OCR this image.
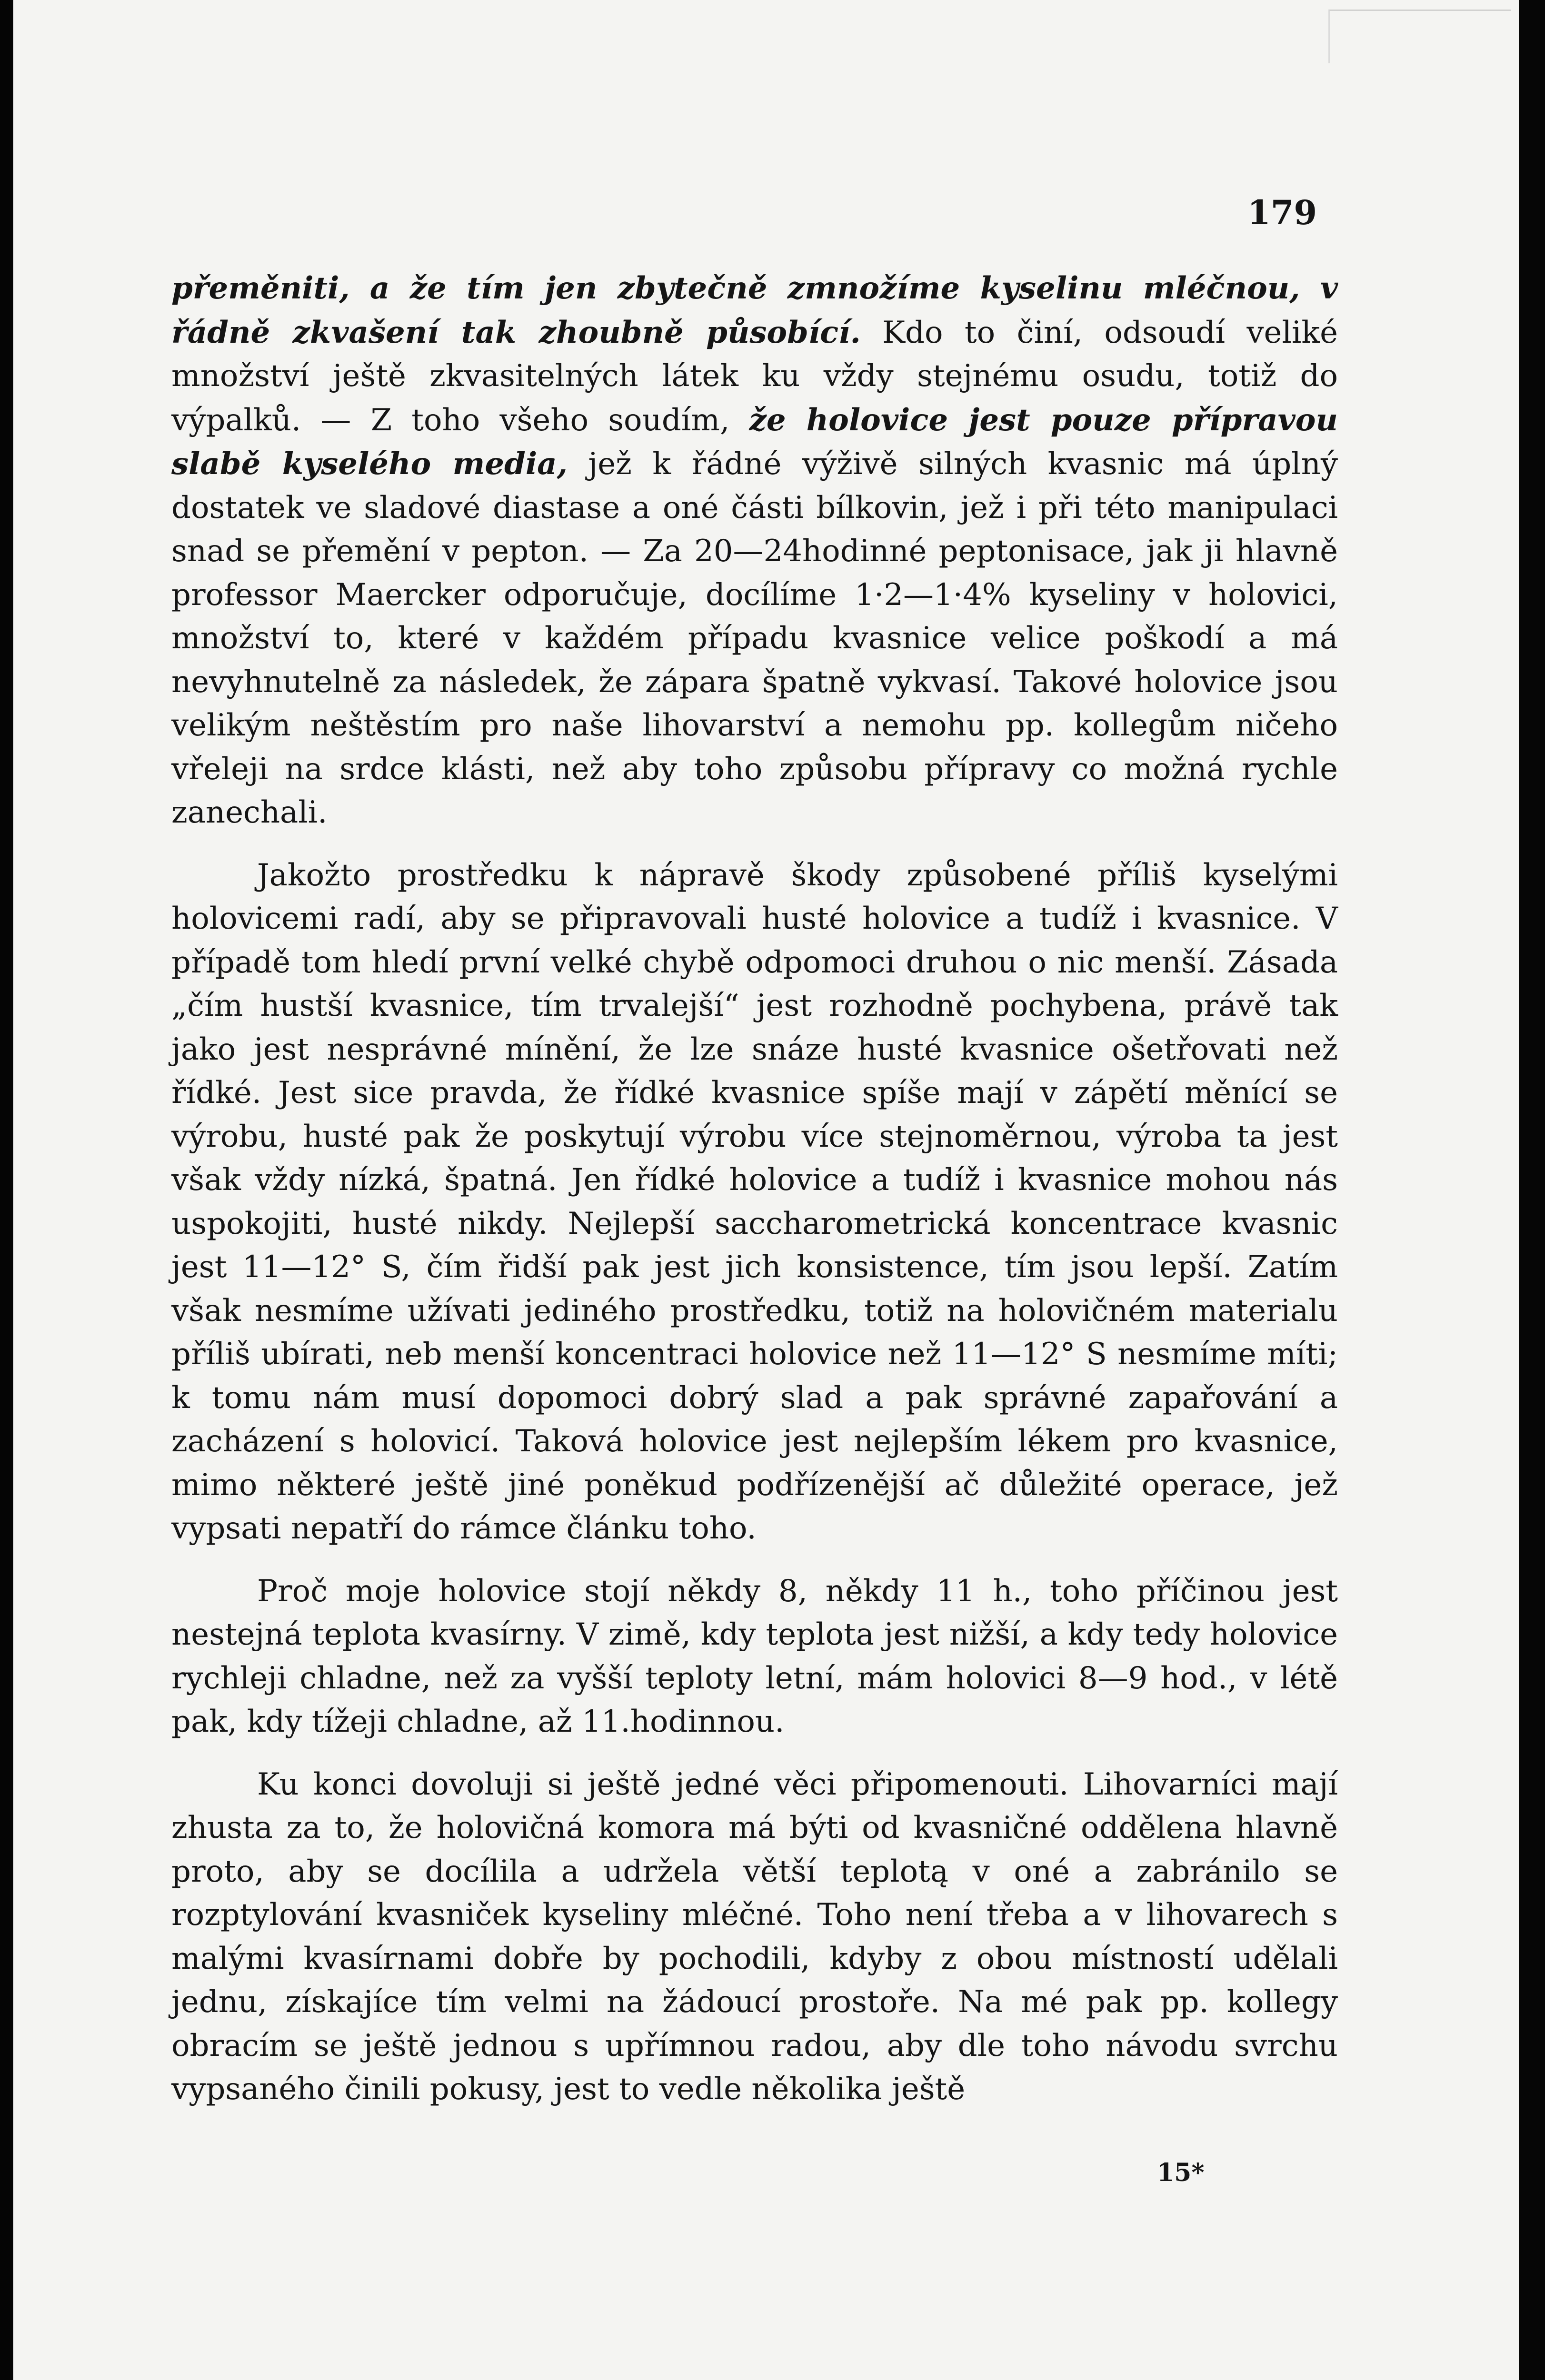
179

přeměniti, a že tím jen zbytečně zmnožíme kyselinu mléčnou, v řádně zkvašení tak zhoubně působící. Kdo to činí, odsoudí veliké množství ještě zkvasitelných látek ku vždy stejnému osudu, totiž do výpalků. — Z toho všeho soudím, že holovice jest pouze přípravou slabě kyselého media, jež k řádné výživě silných kvasnic má úplný dostatek ve sladové diastase a oné části bílkovin, jež i při této manipulaci snad se přemění v pepton. — Za 20—24hodinné peptonisace, jak ji hlavně professor Maercker odporučuje, docílíme 1·2—1·4% kyseliny v holovici, množství to, které v každém případu kvasnice velice poškodí a má nevyhnutelně za následek, že zápara špatně vykvasí. Takové holovice jsou velikým neštěstím pro naše lihovarství a nemohu pp. kollegům ničeho vřeleji na srdce klásti, než aby toho způsobu přípravy co možná rychle zanechali.

Jakožto prostředku k nápravě škody způsobené příliš kyselými holovicemi radí, aby se připravovali husté holovice a tudíž i kvasnice. V případě tom hledí první velké chybě odpomoci druhou o nic menší. Zásada „čím hustší kvasnice, tím trvalejší“ jest rozhodně pochybena, právě tak jako jest nesprávné mínění, že lze snáze husté kvasnice ošetřovati než řídké. Jest sice pravda, že řídké kvasnice spíše mají v zápětí měnící se výrobu, husté pak že poskytují výrobu více stejnoměrnou, výroba ta jest však vždy nízká, špatná. Jen řídké holovice a tudíž i kvasnice mohou nás uspokojiti, husté nikdy. Nejlepší saccharometrická koncentrace kvasnic jest 11—12° S, čím řidší pak jest jich konsistence, tím jsou lepší. Zatím však nesmíme užívati jediného prostředku, totiž na holovičném materialu příliš ubírati, neb menší koncentraci holovice než 11—12° S nesmíme míti; k tomu nám musí dopomoci dobrý slad a pak správné zapařování a zacházení s holovicí. Taková holovice jest nejlepším lékem pro kvasnice, mimo některé ještě jiné poněkud podřízenější ač důležité operace, jež vypsati nepatří do rámce článku toho.

Proč moje holovice stojí někdy 8, někdy 11 h., toho příčinou jest nestejná teplota kvasírny. V zimě, kdy teplota jest nižší, a kdy tedy holovice rychleji chladne, než za vyšší teploty letní, mám holovici 8—9 hod., v létě pak, kdy tížeji chladne, až 11.hodinnou.

Ku konci dovoluji si ještě jedné věci připomenouti. Lihovarníci mají zhusta za to, že holovičná komora má býti od kvasničné oddělena hlavně proto, aby se docílila a udržela větší teplotą v oné a zabránilo se rozptylování kvasniček kyseliny mléčné. Toho není třeba a v lihovarech s malými kvasírnami dobře by pochodili, kdyby z obou místností udělali jednu, získajíce tím velmi na žádoucí prostoře. Na mé pak pp. kollegy obracím se ještě jednou s upřímnou radou, aby dle toho návodu svrchu vypsaného činili pokusy, jest to vedle několika ještě

15*
